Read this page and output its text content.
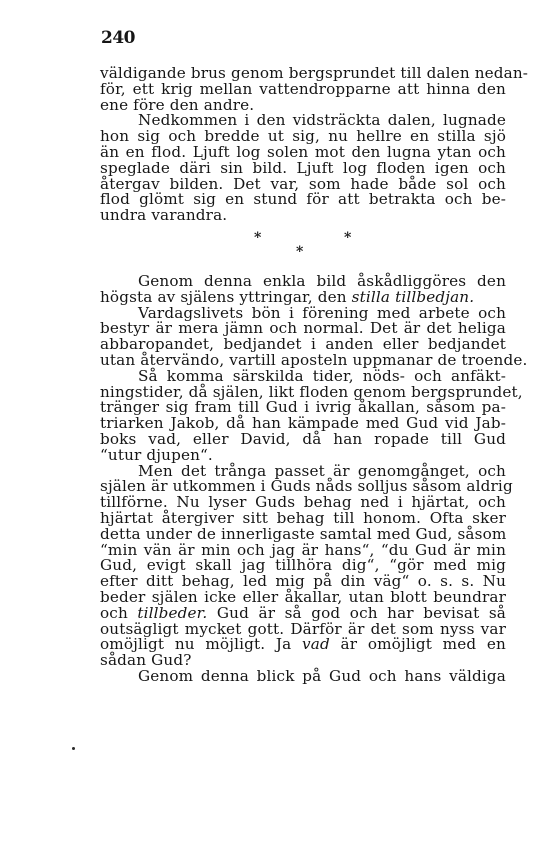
240
väldigande brus genom bergsprundet till dalen nedan-
för, ett krig mellan vattendropparne att hinna den
ene före den andre.
Nedkommen i den vidsträckta dalen, lugnade
hon sig och bredde ut sig, nu hellre en stilla sjö
än en flod. Ljuft log solen mot den lugna ytan och
speglade däri sin bild. Ljuft log floden igen och
återgav bilden. Det var, som hade både sol och
flod glömt sig en stund för att betrakta och be-
undra varandra.
*
*
*
Genom denna enkla bild åskådliggöres den
högsta av själens yttringar, den stilla tillbedjan.
Vardagslivets bön i förening med arbete och
bestyr är mera jämn och normal. Det är det heliga
abbaropandet, bedjandet i anden eller bedjandet
utan återvändo, vartill aposteln uppmanar de troende.
Så komma särskilda tider, nöds- och anfäkt-
ningstider, då själen, likt floden genom bergsprundet,
tränger sig fram till Gud i ivrig åkallan, såsom pa-
triarken Jakob, då han kämpade med Gud vid Jab-
boks vad, eller David, då han ropade till Gud
“utur djupen“.
Men det trånga passet är genomgånget, och
själen är utkommen i Guds nåds solljus såsom aldrig
tillförne. Nu lyser Guds behag ned i hjärtat, och
hjärtat återgiver sitt behag till honom. Ofta sker
detta under de innerligaste samtal med Gud, såsom
“min vän är min och jag är hans“, “du Gud är min
Gud, evigt skall jag tillhöra dig“, “gör med mig
efter ditt behag, led mig på din väg“ o. s. s. Nu
beder själen icke eller åkallar, utan blott beundrar
och tillbeder. Gud är så god och har bevisat så
outsägligt mycket gott. Därför är det som nyss var
omöjligt nu möjligt. Ja vad är omöjligt med en
sådan Gud?
Genom denna blick på Gud och hans väldiga
